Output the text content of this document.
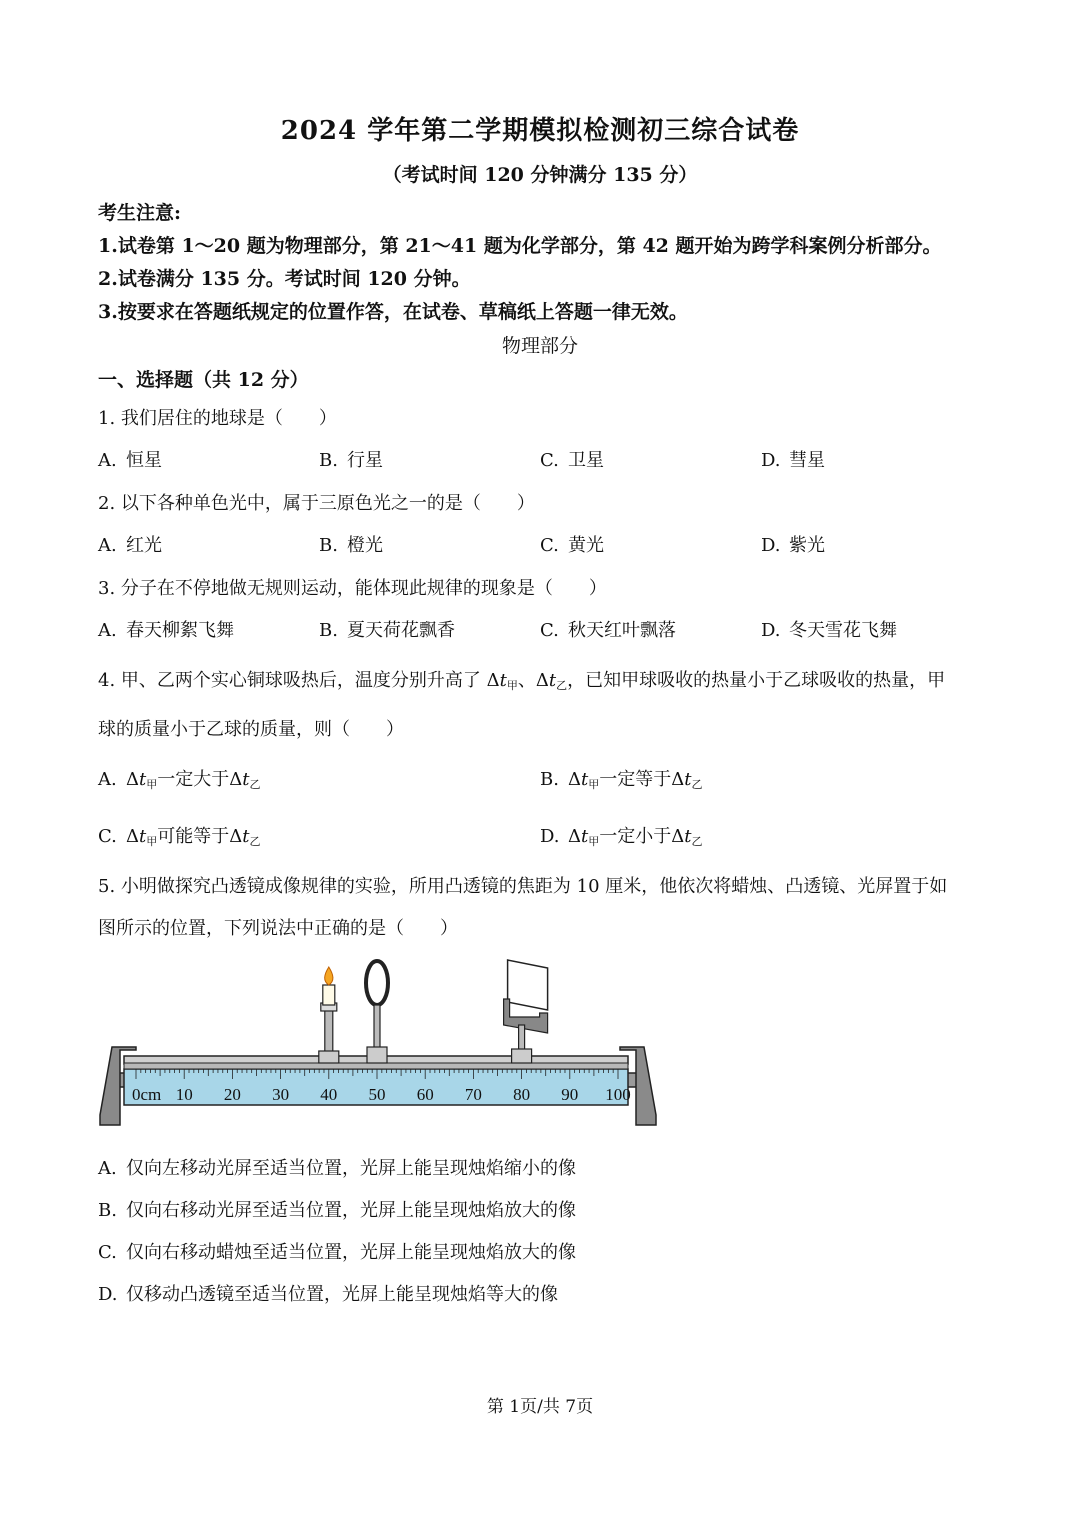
2024 学年第二学期模拟检测初三综合试卷
（考试时间 120 分钟满分 135 分）
考生注意:
1.试卷第 1～20 题为物理部分，第 21～41 题为化学部分，第 42 题开始为跨学科案例分析部分。
2.试卷满分 135 分。考试时间 120 分钟。
3.按要求在答题纸规定的位置作答，在试卷、草稿纸上答题一律无效。
物理部分
一、选择题（共 12 分）
1. 我们居住的地球是（　　）
A. 恒星	B. 行星	C. 卫星	D. 彗星
2. 以下各种单色光中，属于三原色光之一的是（　　）
A. 红光	B. 橙光	C. 黄光	D. 紫光
3. 分子在不停地做无规则运动，能体现此规律的现象是（　　）
A. 春天柳絮飞舞	B. 夏天荷花飘香	C. 秋天红叶飘落	D. 冬天雪花飞舞
4. 甲、乙两个实心铜球吸热后，温度分别升高了 $\Delta t_甲$、$\Delta t_乙$，已知甲球吸收的热量小于乙球吸收的热量，甲
球的质量小于乙球的质量，则（　　）
A. $\Delta t_甲$一定大于$\Delta t_乙$	B. $\Delta t_甲$一定等于$\Delta t_乙$
C. $\Delta t_甲$可能等于$\Delta t_乙$	D. $\Delta t_甲$一定小于$\Delta t_乙$
5. 小明做探究凸透镜成像规律的实验，所用凸透镜的焦距为 10 厘米，他依次将蜡烛、凸透镜、光屏置于如
图所示的位置，下列说法中正确的是（　　）
0cm 10 20 30 40 50 60 70 80 90 100
A. 仅向左移动光屏至适当位置，光屏上能呈现烛焰缩小的像
B. 仅向右移动光屏至适当位置，光屏上能呈现烛焰放大的像
C. 仅向右移动蜡烛至适当位置，光屏上能呈现烛焰放大的像
D. 仅移动凸透镜至适当位置，光屏上能呈现烛焰等大的像
第 1页/共 7页
